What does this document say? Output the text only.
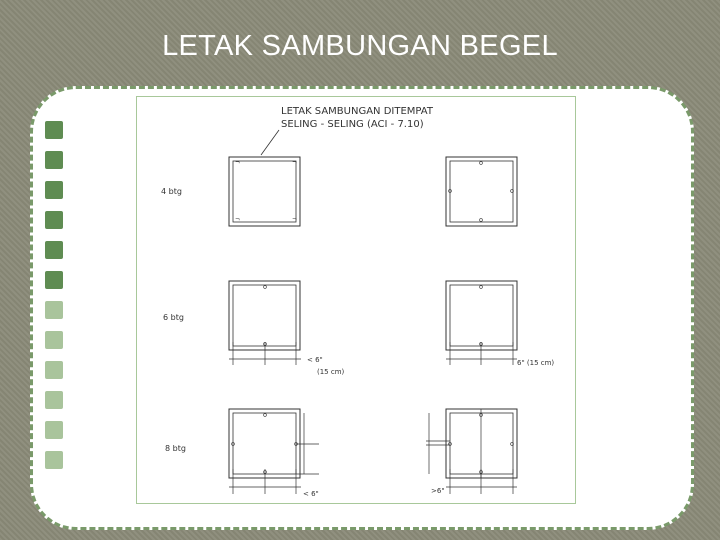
LETAK SAMBUNGAN BEGEL
LETAK SAMBUNGAN DITEMPAT
SELING - SELING (ACI - 7.10)
4 btg
6 btg
8 btg
¬	¬
¬	¬
< 6"
(15 cm)
6" (15 cm)
< 6"	>6"
